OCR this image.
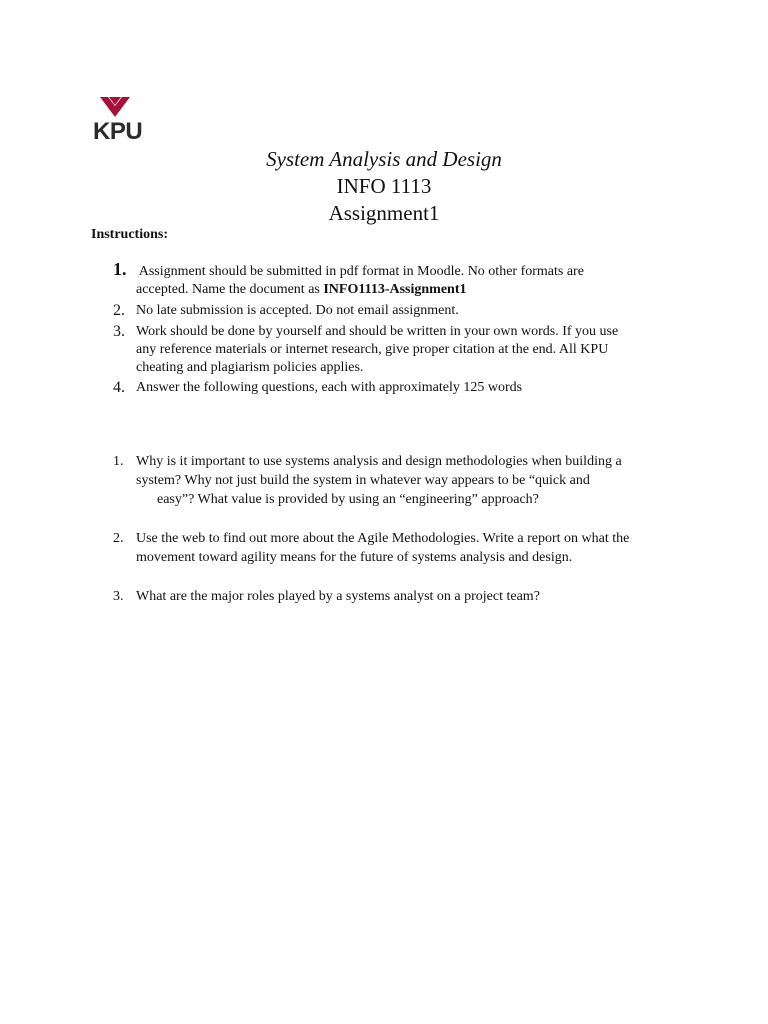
KPU
System Analysis and Design
INFO 1113
Assignment1
Instructions:
1. Assignment should be submitted in pdf format in Moodle. No other formats are
accepted. Name the document as INFO1113-Assignment1
2. No late submission is accepted. Do not email assignment.
3. Work should be done by yourself and should be written in your own words. If you use
any reference materials or internet research, give proper citation at the end. All KPU
cheating and plagiarism policies applies.
4. Answer the following questions, each with approximately 125 words
1. Why is it important to use systems analysis and design methodologies when building a
system? Why not just build the system in whatever way appears to be “quick and
easy”? What value is provided by using an “engineering” approach?
2. Use the web to find out more about the Agile Methodologies. Write a report on what the
movement toward agility means for the future of systems analysis and design.
3. What are the major roles played by a systems analyst on a project team?
